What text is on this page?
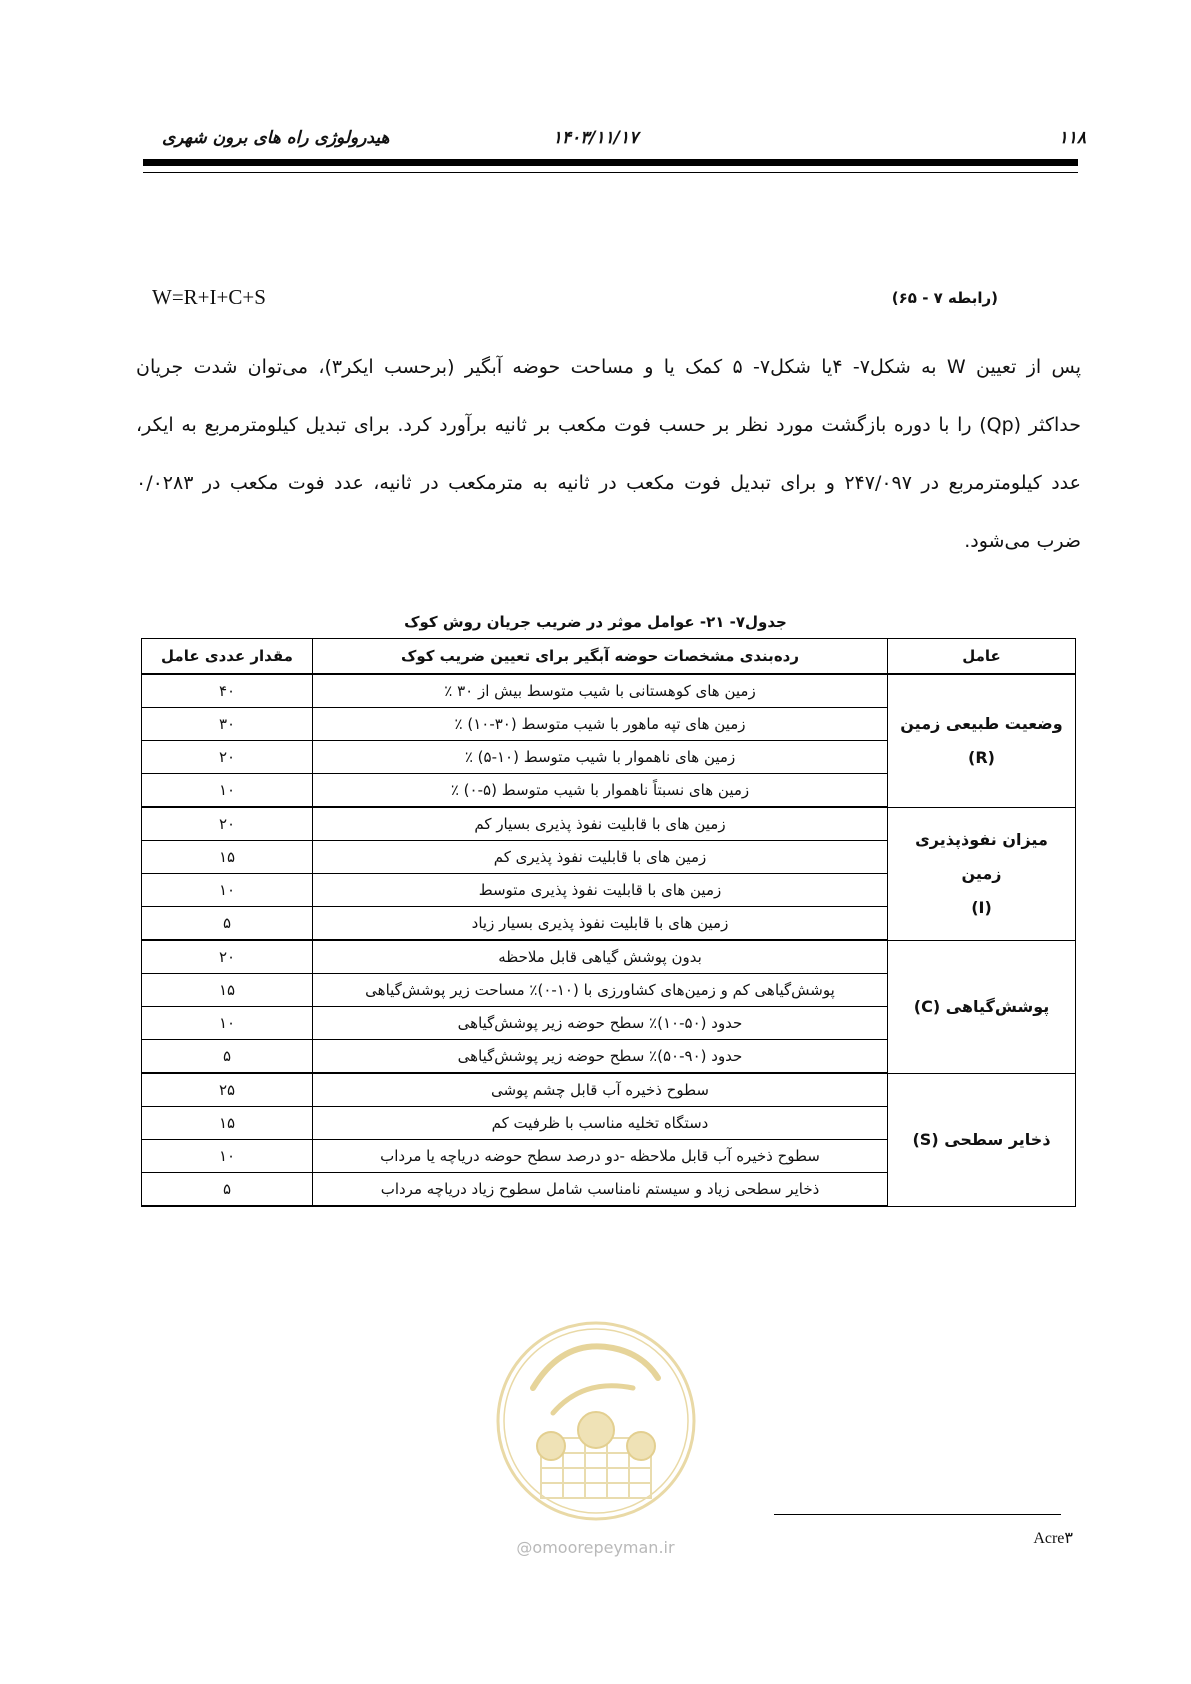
۱۱۸
۱۴۰۳/۱۱/۱۷
هیدرولوژی راه های برون شهری
W=R+I+C+S	(رابطه ۷ - ۶۵)
پس از تعیین W به شکل۷- ۴یا شکل۷- ۵ کمک یا و مساحت حوضه آبگیر (برحسب ایکر۳)، می‌توان شدت جریان
حداکثر (Qp) را با دوره بازگشت مورد نظر بر حسب فوت مکعب بر ثانیه برآورد کرد. برای تبدیل کیلومترمربع به ایکر،
عدد کیلومترمربع در ۲۴۷/۰۹۷ و برای تبدیل فوت مکعب در ثانیه به مترمکعب در ثانیه، عدد فوت مکعب در ۰/۰۲۸۳
ضرب می‌شود.
جدول۷- ۲۱- عوامل موثر در ضریب جریان روش کوک
عامل	رده‌بندی مشخصات حوضه آبگیر برای تعیین ضریب کوک	مقدار عددی عامل

وضعیت طبیعی زمین
(R)	زمین های کوهستانی با شیب متوسط بیش از ۳۰ ٪	۴۰
	زمین های تپه ماهور با شیب متوسط (۳۰-۱۰) ٪	۳۰
	زمین های ناهموار با شیب متوسط (۱۰-۵) ٪	۲۰
	زمین های نسبتاً ناهموار با شیب متوسط (۵-۰) ٪	۱۰

میزان نفوذپذیری زمین
(I)	زمین های با قابلیت نفوذ پذیری بسیار کم	۲۰
	زمین های با قابلیت نفوذ پذیری کم	۱۵
	زمین های با قابلیت نفوذ پذیری متوسط	۱۰
	زمین های با قابلیت نفوذ پذیری بسیار زیاد	۵

پوشش‌گیاهی (C)	بدون پوشش گیاهی قابل ملاحظه	۲۰
	پوشش‌گیاهی کم و زمین‌های کشاورزی با (۱۰-۰)٪ مساحت زیر پوشش‌گیاهی	۱۵
	حدود (۵۰-۱۰)٪ سطح حوضه زیر پوشش‌گیاهی	۱۰
	حدود (۹۰-۵۰)٪ سطح حوضه زیر پوشش‌گیاهی	۵

ذخایر سطحی (S)	سطوح ذخیره آب قابل چشم پوشی	۲۵
	دستگاه تخلیه مناسب با ظرفیت کم	۱۵
	سطوح ذخیره آب قابل ملاحظه -دو درصد سطح حوضه دریاچه یا مرداب	۱۰
	ذخایر سطحی زیاد و سیستم نامناسب شامل سطوح زیاد دریاچه مرداب	۵
@omoorepeyman.ir	Acre۳
